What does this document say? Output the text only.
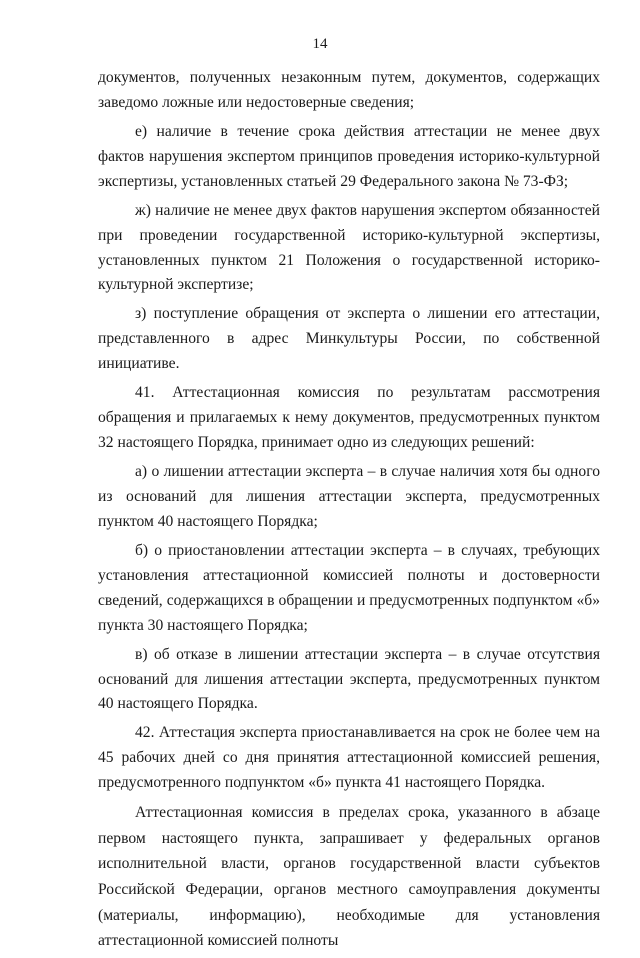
14

документов, полученных незаконным путем, документов, содержащих заведомо ложные или недостоверные сведения;

е) наличие в течение срока действия аттестации не менее двух фактов нарушения экспертом принципов проведения историко-культурной экспертизы, установленных статьей 29 Федерального закона № 73-ФЗ;

ж) наличие не менее двух фактов нарушения экспертом обязанностей при проведении государственной историко-культурной экспертизы, установленных пунктом 21 Положения о государственной историко-культурной экспертизе;

з) поступление обращения от эксперта о лишении его аттестации, представленного в адрес Минкультуры России, по собственной инициативе.

41. Аттестационная комиссия по результатам рассмотрения обращения и прилагаемых к нему документов, предусмотренных пунктом 32 настоящего Порядка, принимает одно из следующих решений:

а) о лишении аттестации эксперта – в случае наличия хотя бы одного из оснований для лишения аттестации эксперта, предусмотренных пунктом 40 настоящего Порядка;

б) о приостановлении аттестации эксперта – в случаях, требующих установления аттестационной комиссией полноты и достоверности сведений, содержащихся в обращении и предусмотренных подпунктом «б» пункта 30 настоящего Порядка;

в) об отказе в лишении аттестации эксперта – в случае отсутствия оснований для лишения аттестации эксперта, предусмотренных пунктом 40 настоящего Порядка.

42. Аттестация эксперта приостанавливается на срок не более чем на 45 рабочих дней со дня принятия аттестационной комиссией решения, предусмотренного подпунктом «б» пункта 41 настоящего Порядка.

Аттестационная комиссия в пределах срока, указанного в абзаце первом настоящего пункта, запрашивает у федеральных органов исполнительной власти, органов государственной власти субъектов Российской Федерации, органов местного самоуправления документы (материалы, информацию), необходимые для установления аттестационной комиссией полноты
